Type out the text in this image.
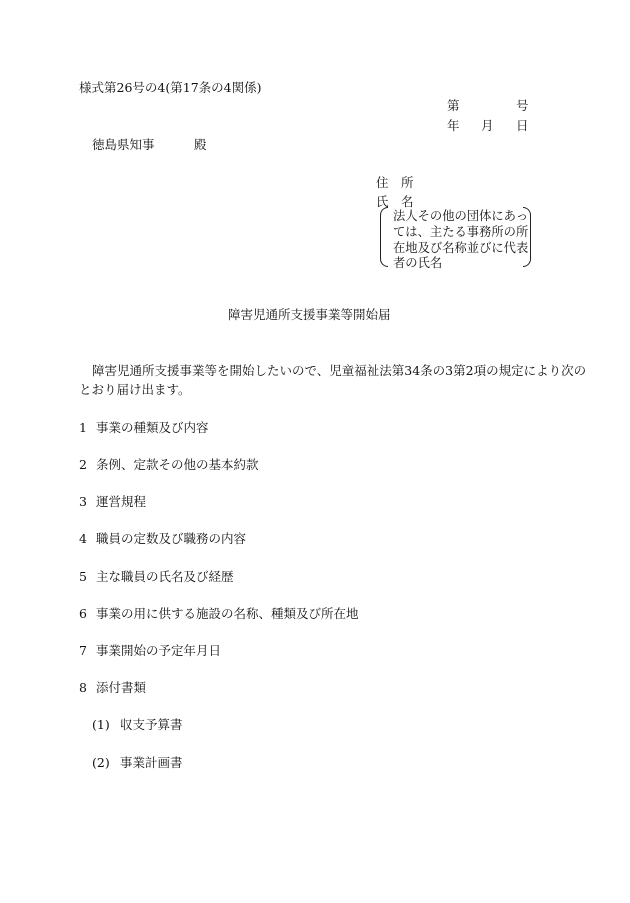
様式第26号の4(第17条の4関係)
第	号
年 月 日
徳島県知事	殿
住　所
氏　名
法人その他の団体にあっ
ては、主たる事務所の所
在地及び名称並びに代表
者の氏名
障害児通所支援事業等開始届
障害児通所支援事業等を開始したいので、児童福祉法第34条の3第2項の規定により次の
とおり届け出ます。
1 事業の種類及び内容
2 条例、定款その他の基本約款
3 運営規程
4 職員の定数及び職務の内容
5 主な職員の氏名及び経歴
6 事業の用に供する施設の名称、種類及び所在地
7 事業開始の予定年月日
8 添付書類
(1) 収支予算書
(2) 事業計画書
